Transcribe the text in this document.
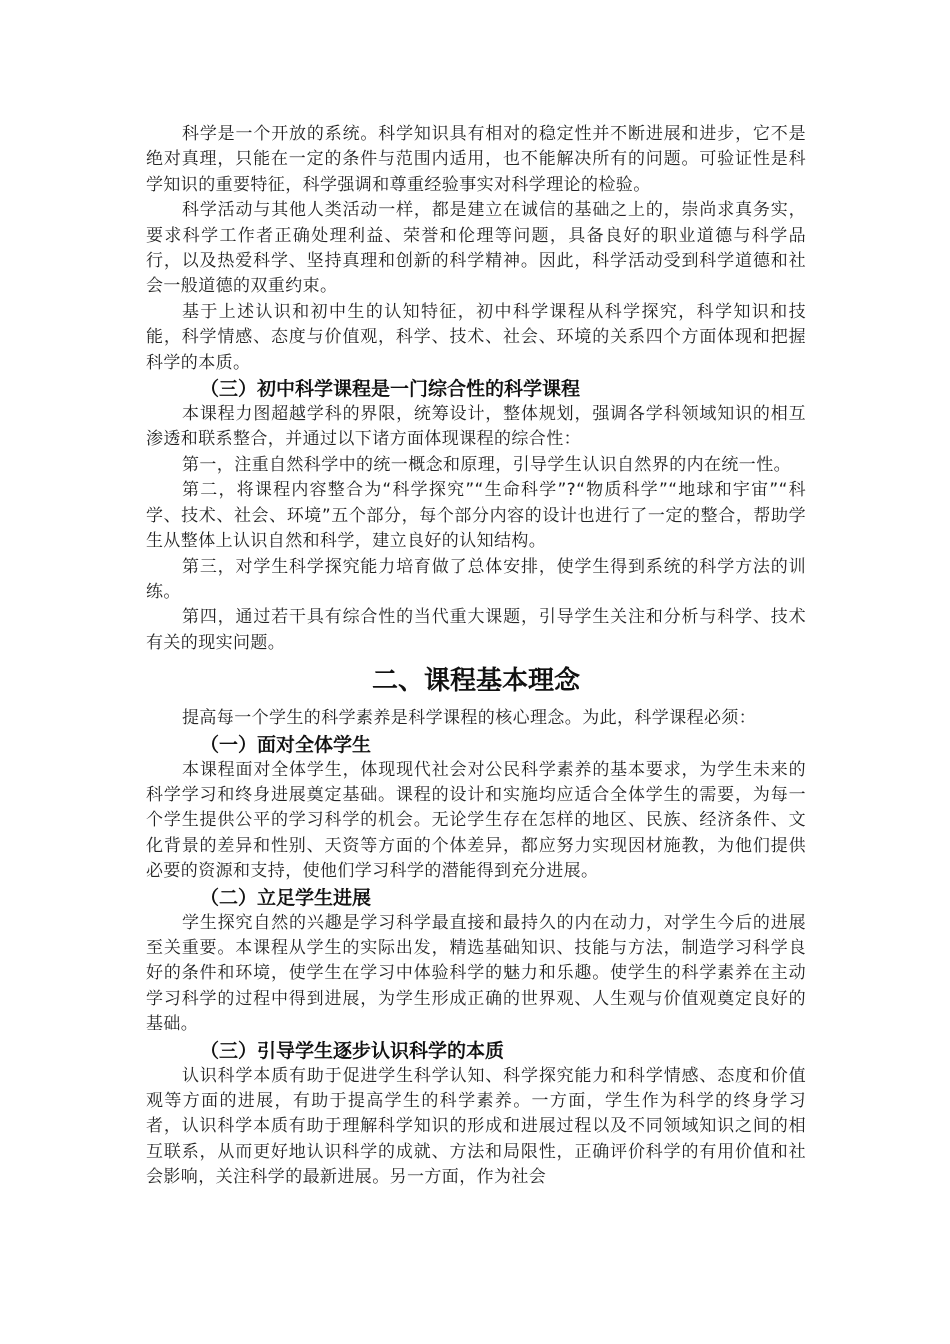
科学是一个开放的系统。科学知识具有相对的稳定性并不断进展和进步，它不是绝对真理，只能在一定的条件与范围内适用，也不能解决所有的问题。可验证性是科学知识的重要特征，科学强调和尊重经验事实对科学理论的检验。

科学活动与其他人类活动一样，都是建立在诚信的基础之上的，崇尚求真务实，要求科学工作者正确处理利益、荣誉和伦理等问题，具备良好的职业道德与科学品行，以及热爱科学、坚持真理和创新的科学精神。因此，科学活动受到科学道德和社会一般道德的双重约束。

基于上述认识和初中生的认知特征，初中科学课程从科学探究，科学知识和技能，科学情感、态度与价值观，科学、技术、社会、环境的关系四个方面体现和把握科学的本质。

（三）初中科学课程是一门综合性的科学课程

本课程力图超越学科的界限，统筹设计，整体规划，强调各学科领域知识的相互渗透和联系整合，并通过以下诸方面体现课程的综合性：

第一，注重自然科学中的统一概念和原理，引导学生认识自然界的内在统一性。

第二，将课程内容整合为“科学探究”“生命科学”?“物质科学”“地球和宇宙”“科学、技术、社会、环境”五个部分，每个部分内容的设计也进行了一定的整合，帮助学生从整体上认识自然和科学，建立良好的认知结构。

第三，对学生科学探究能力培育做了总体安排，使学生得到系统的科学方法的训练。

第四，通过若干具有综合性的当代重大课题，引导学生关注和分析与科学、技术有关的现实问题。

二、课程基本理念

提高每一个学生的科学素养是科学课程的核心理念。为此，科学课程必须：

（一）面对全体学生

本课程面对全体学生，体现现代社会对公民科学素养的基本要求，为学生未来的科学学习和终身进展奠定基础。课程的设计和实施均应适合全体学生的需要，为每一个学生提供公平的学习科学的机会。无论学生存在怎样的地区、民族、经济条件、文化背景的差异和性别、天资等方面的个体差异，都应努力实现因材施教，为他们提供必要的资源和支持，使他们学习科学的潜能得到充分进展。

（二）立足学生进展

学生探究自然的兴趣是学习科学最直接和最持久的内在动力，对学生今后的进展至关重要。本课程从学生的实际出发，精选基础知识、技能与方法，制造学习科学良好的条件和环境，使学生在学习中体验科学的魅力和乐趣。使学生的科学素养在主动学习科学的过程中得到进展，为学生形成正确的世界观、人生观与价值观奠定良好的基础。

（三）引导学生逐步认识科学的本质

认识科学本质有助于促进学生科学认知、科学探究能力和科学情感、态度和价值观等方面的进展，有助于提高学生的科学素养。一方面，学生作为科学的终身学习者，认识科学本质有助于理解科学知识的形成和进展过程以及不同领域知识之间的相互联系，从而更好地认识科学的成就、方法和局限性，正确评价科学的有用价值和社会影响，关注科学的最新进展。另一方面，作为社会
